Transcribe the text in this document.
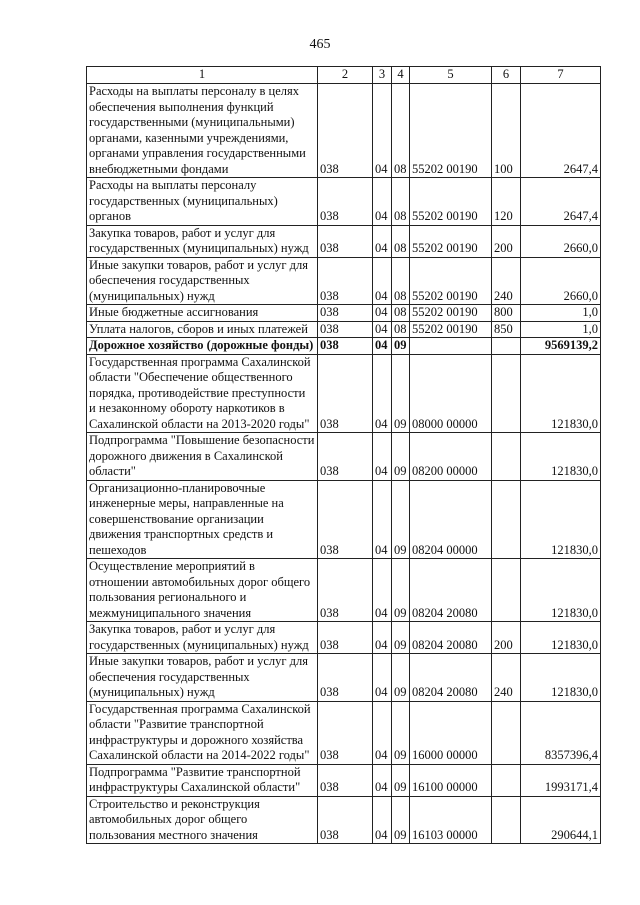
465
1	2	3	4	5	6	7
Расходы на выплаты персоналу в целях обеспечения выполнения функций государственными (муниципальными) органами, казенными учреждениями, органами управления государственными внебюджетными фондами	038	04	08	55202 00190	100	2647,4
Расходы на выплаты персоналу государственных (муниципальных) органов	038	04	08	55202 00190	120	2647,4
Закупка товаров, работ и услуг для государственных (муниципальных) нужд	038	04	08	55202 00190	200	2660,0
Иные закупки товаров, работ и услуг для обеспечения государственных (муниципальных) нужд	038	04	08	55202 00190	240	2660,0
Иные бюджетные ассигнования	038	04	08	55202 00190	800	1,0
Уплата налогов, сборов и иных платежей	038	04	08	55202 00190	850	1,0
Дорожное хозяйство (дорожные фонды)	038	04	09			9569139,2
Государственная программа Сахалинской области "Обеспечение общественного порядка, противодействие преступности и незаконному обороту наркотиков в Сахалинской области на 2013-2020 годы"	038	04	09	08000 00000		121830,0
Подпрограмма "Повышение безопасности дорожного движения в Сахалинской области"	038	04	09	08200 00000		121830,0
Организационно-планировочные инженерные меры, направленные на совершенствование организации движения транспортных средств и пешеходов	038	04	09	08204 00000		121830,0
Осуществление мероприятий в отношении автомобильных дорог общего пользования регионального и межмуниципального значения	038	04	09	08204 20080		121830,0
Закупка товаров, работ и услуг для государственных (муниципальных) нужд	038	04	09	08204 20080	200	121830,0
Иные закупки товаров, работ и услуг для обеспечения государственных (муниципальных) нужд	038	04	09	08204 20080	240	121830,0
Государственная программа Сахалинской области "Развитие транспортной инфраструктуры и дорожного хозяйства Сахалинской области на 2014-2022 годы"	038	04	09	16000 00000		8357396,4
Подпрограмма "Развитие транспортной инфраструктуры Сахалинской области"	038	04	09	16100 00000		1993171,4
Строительство и реконструкция автомобильных дорог общего пользования местного значения	038	04	09	16103 00000		290644,1
